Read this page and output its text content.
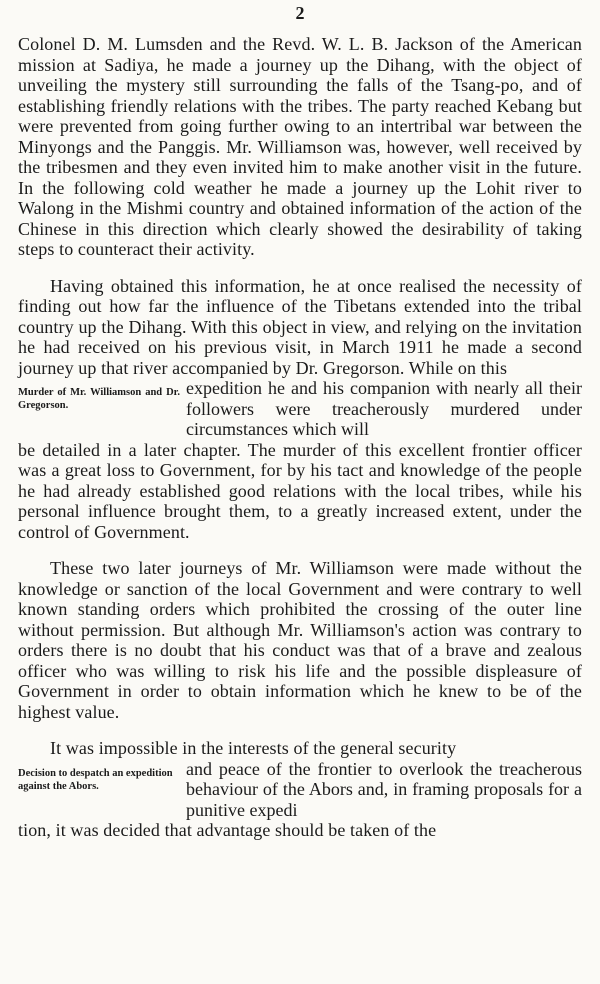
2

Colonel D. M. Lumsden and the Revd. W. L. B. Jackson of the American mission at Sadiya, he made a journey up the Dihang, with the object of unveiling the mystery still surrounding the falls of the Tsang-po, and of establishing friendly relations with the tribes. The party reached Kebang but were prevented from going further owing to an intertribal war between the Minyongs and the Panggis. Mr. Williamson was, however, well received by the tribesmen and they even invited him to make another visit in the future. In the following cold weather he made a journey up the Lohit river to Walong in the Mishmi country and obtained information of the action of the Chinese in this direction which clearly showed the desirability of taking steps to counteract their activity.

Having obtained this information, he at once realised the necessity of finding out how far the influence of the Tibetans extended into the tribal country up the Dihang. With this object in view, and relying on the invitation he had received on his previous visit, in March 1911 he made a second journey up that river accompanied by Dr. Gregorson. While on this

Murder of Mr. Williamson and Dr. Gregorson.
expedition he and his companion with nearly all their followers were treacherously murdered under circumstances which will

be detailed in a later chapter. The murder of this excellent frontier officer was a great loss to Government, for by his tact and knowledge of the people he had already established good relations with the local tribes, while his personal influence brought them, to a greatly increased extent, under the control of Government.

These two later journeys of Mr. Williamson were made without the knowledge or sanction of the local Government and were contrary to well known standing orders which prohibited the crossing of the outer line without permission. But although Mr. Williamson's action was contrary to orders there is no doubt that his conduct was that of a brave and zealous officer who was willing to risk his life and the possible displeasure of Government in order to obtain information which he knew to be of the highest value.

It was impossible in the interests of the general security

Decision to despatch an expedition against the Abors.
and peace of the frontier to overlook the treacherous behaviour of the Abors and, in framing proposals for a punitive expedi

tion, it was decided that advantage should be taken of the
